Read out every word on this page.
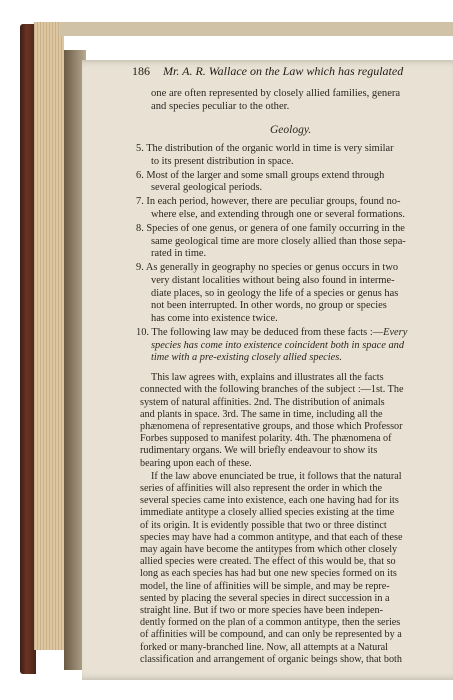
186 Mr. A. R. Wallace on the Law which has regulated
one are often represented by closely allied families, genera
and species peculiar to the other.
Geology.
5. The distribution of the organic world in time is very similar
to its present distribution in space.
6. Most of the larger and some small groups extend through
several geological periods.
7. In each period, however, there are peculiar groups, found no-
where else, and extending through one or several formations.
8. Species of one genus, or genera of one family occurring in the
same geological time are more closely allied than those sepa-
rated in time.
9. As generally in geography no species or genus occurs in two
very distant localities without being also found in interme-
diate places, so in geology the life of a species or genus has
not been interrupted. In other words, no group or species
has come into existence twice.
10. The following law may be deduced from these facts :—Every
species has come into existence coincident both in space and
time with a pre-existing closely allied species.
This law agrees with, explains and illustrates all the facts
connected with the following branches of the subject :—1st. The
system of natural affinities. 2nd. The distribution of animals
and plants in space. 3rd. The same in time, including all the
phænomena of representative groups, and those which Professor
Forbes supposed to manifest polarity. 4th. The phænomena of
rudimentary organs. We will briefly endeavour to show its
bearing upon each of these.
If the law above enunciated be true, it follows that the natural
series of affinities will also represent the order in which the
several species came into existence, each one having had for its
immediate antitype a closely allied species existing at the time
of its origin. It is evidently possible that two or three distinct
species may have had a common antitype, and that each of these
may again have become the antitypes from which other closely
allied species were created. The effect of this would be, that so
long as each species has had but one new species formed on its
model, the line of affinities will be simple, and may be repre-
sented by placing the several species in direct succession in a
straight line. But if two or more species have been indepen-
dently formed on the plan of a common antitype, then the series
of affinities will be compound, and can only be represented by a
forked or many-branched line. Now, all attempts at a Natural
classification and arrangement of organic beings show, that both
